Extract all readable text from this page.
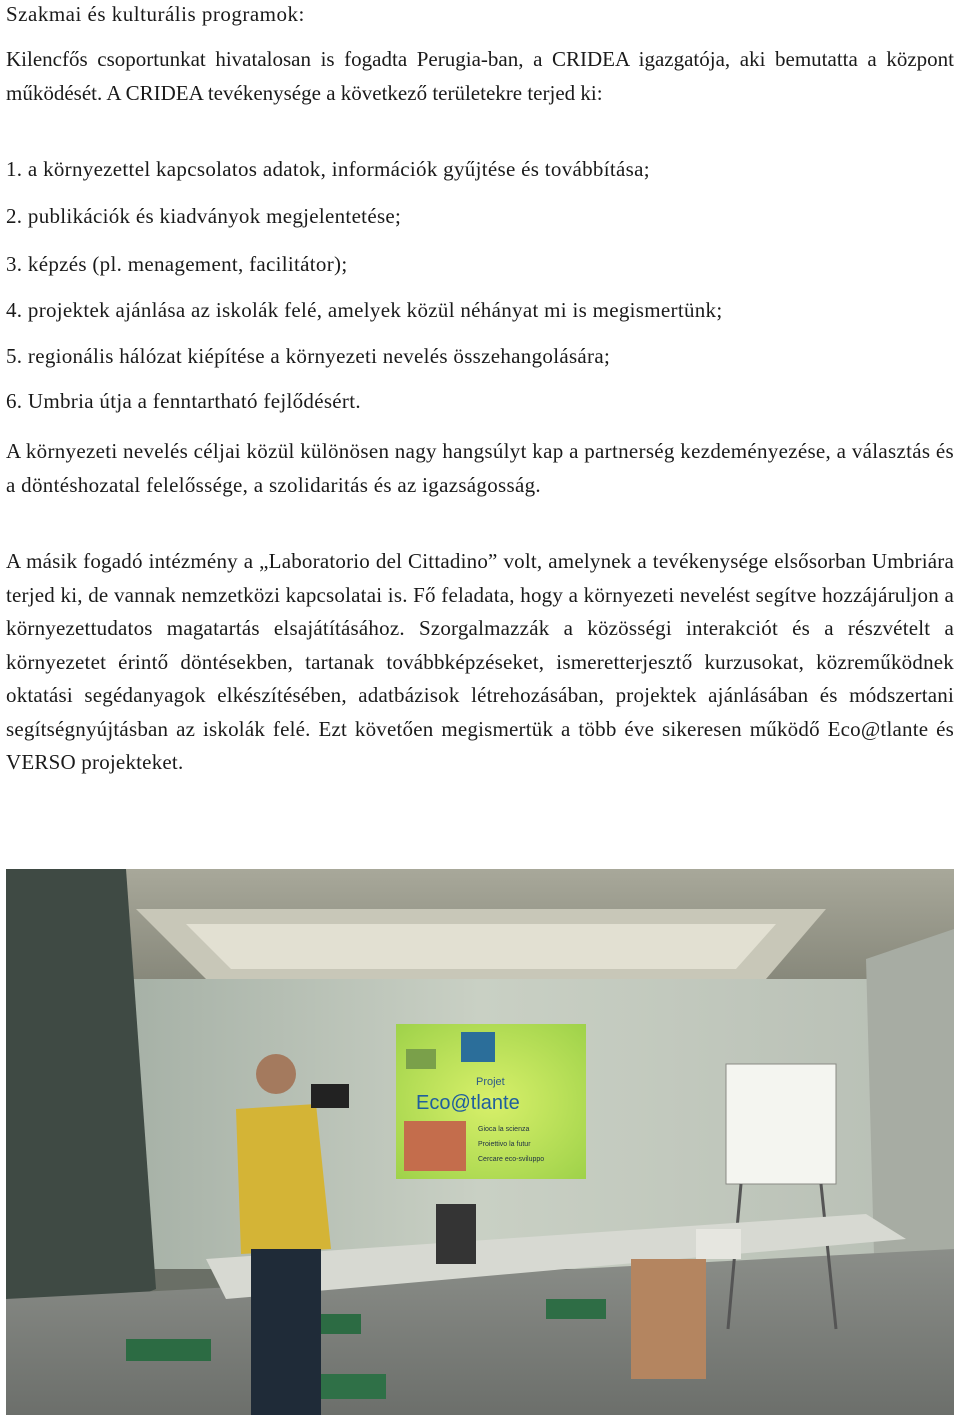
Szakmai és kulturális programok:
Kilencfős csoportunkat hivatalosan is fogadta Perugia-ban, a CRIDEA igazgatója, aki bemutatta a központ működését. A CRIDEA tevékenysége a következő területekre terjed ki:
1. a környezettel kapcsolatos adatok, információk gyűjtése és továbbítása;
2. publikációk és kiadványok megjelentetése;
3. képzés (pl. menagement, facilitátor);
4. projektek ajánlása az iskolák felé, amelyek közül néhányat mi is megismertünk;
5. regionális hálózat kiépítése a környezeti nevelés összehangolására;
6. Umbria útja a fenntartható fejlődésért.
A környezeti nevelés céljai közül különösen nagy hangsúlyt kap a partnerség kezdeményezése, a választás és a döntéshozatal felelőssége, a szolidaritás és az igazságosság.
A másik fogadó intézmény a „Laboratorio del Cittadino” volt, amelynek a tevékenysége elsősorban Umbriára terjed ki, de vannak nemzetközi kapcsolatai is. Fő feladata, hogy a környezeti nevelést segítve hozzájáruljon a környezettudatos magatartás elsajátításához. Szorgalmazzák a közösségi interakciót és a részvételt a környezetet érintő döntésekben, tartanak továbbképzéseket, ismeretterjesztő kurzusokat, közreműködnek oktatási segédanyagok elkészítésében, adatbázisok létrehozásában, projektek ajánlásában és módszertani segítségnyújtásban az iskolák felé. Ezt követően megismertük a több éve sikeresen működő Eco@tlante és VERSO projekteket.
Projet
Eco@tlante
Gioca la scienza
Proiettivo la futur
Cercare eco-sviluppo
